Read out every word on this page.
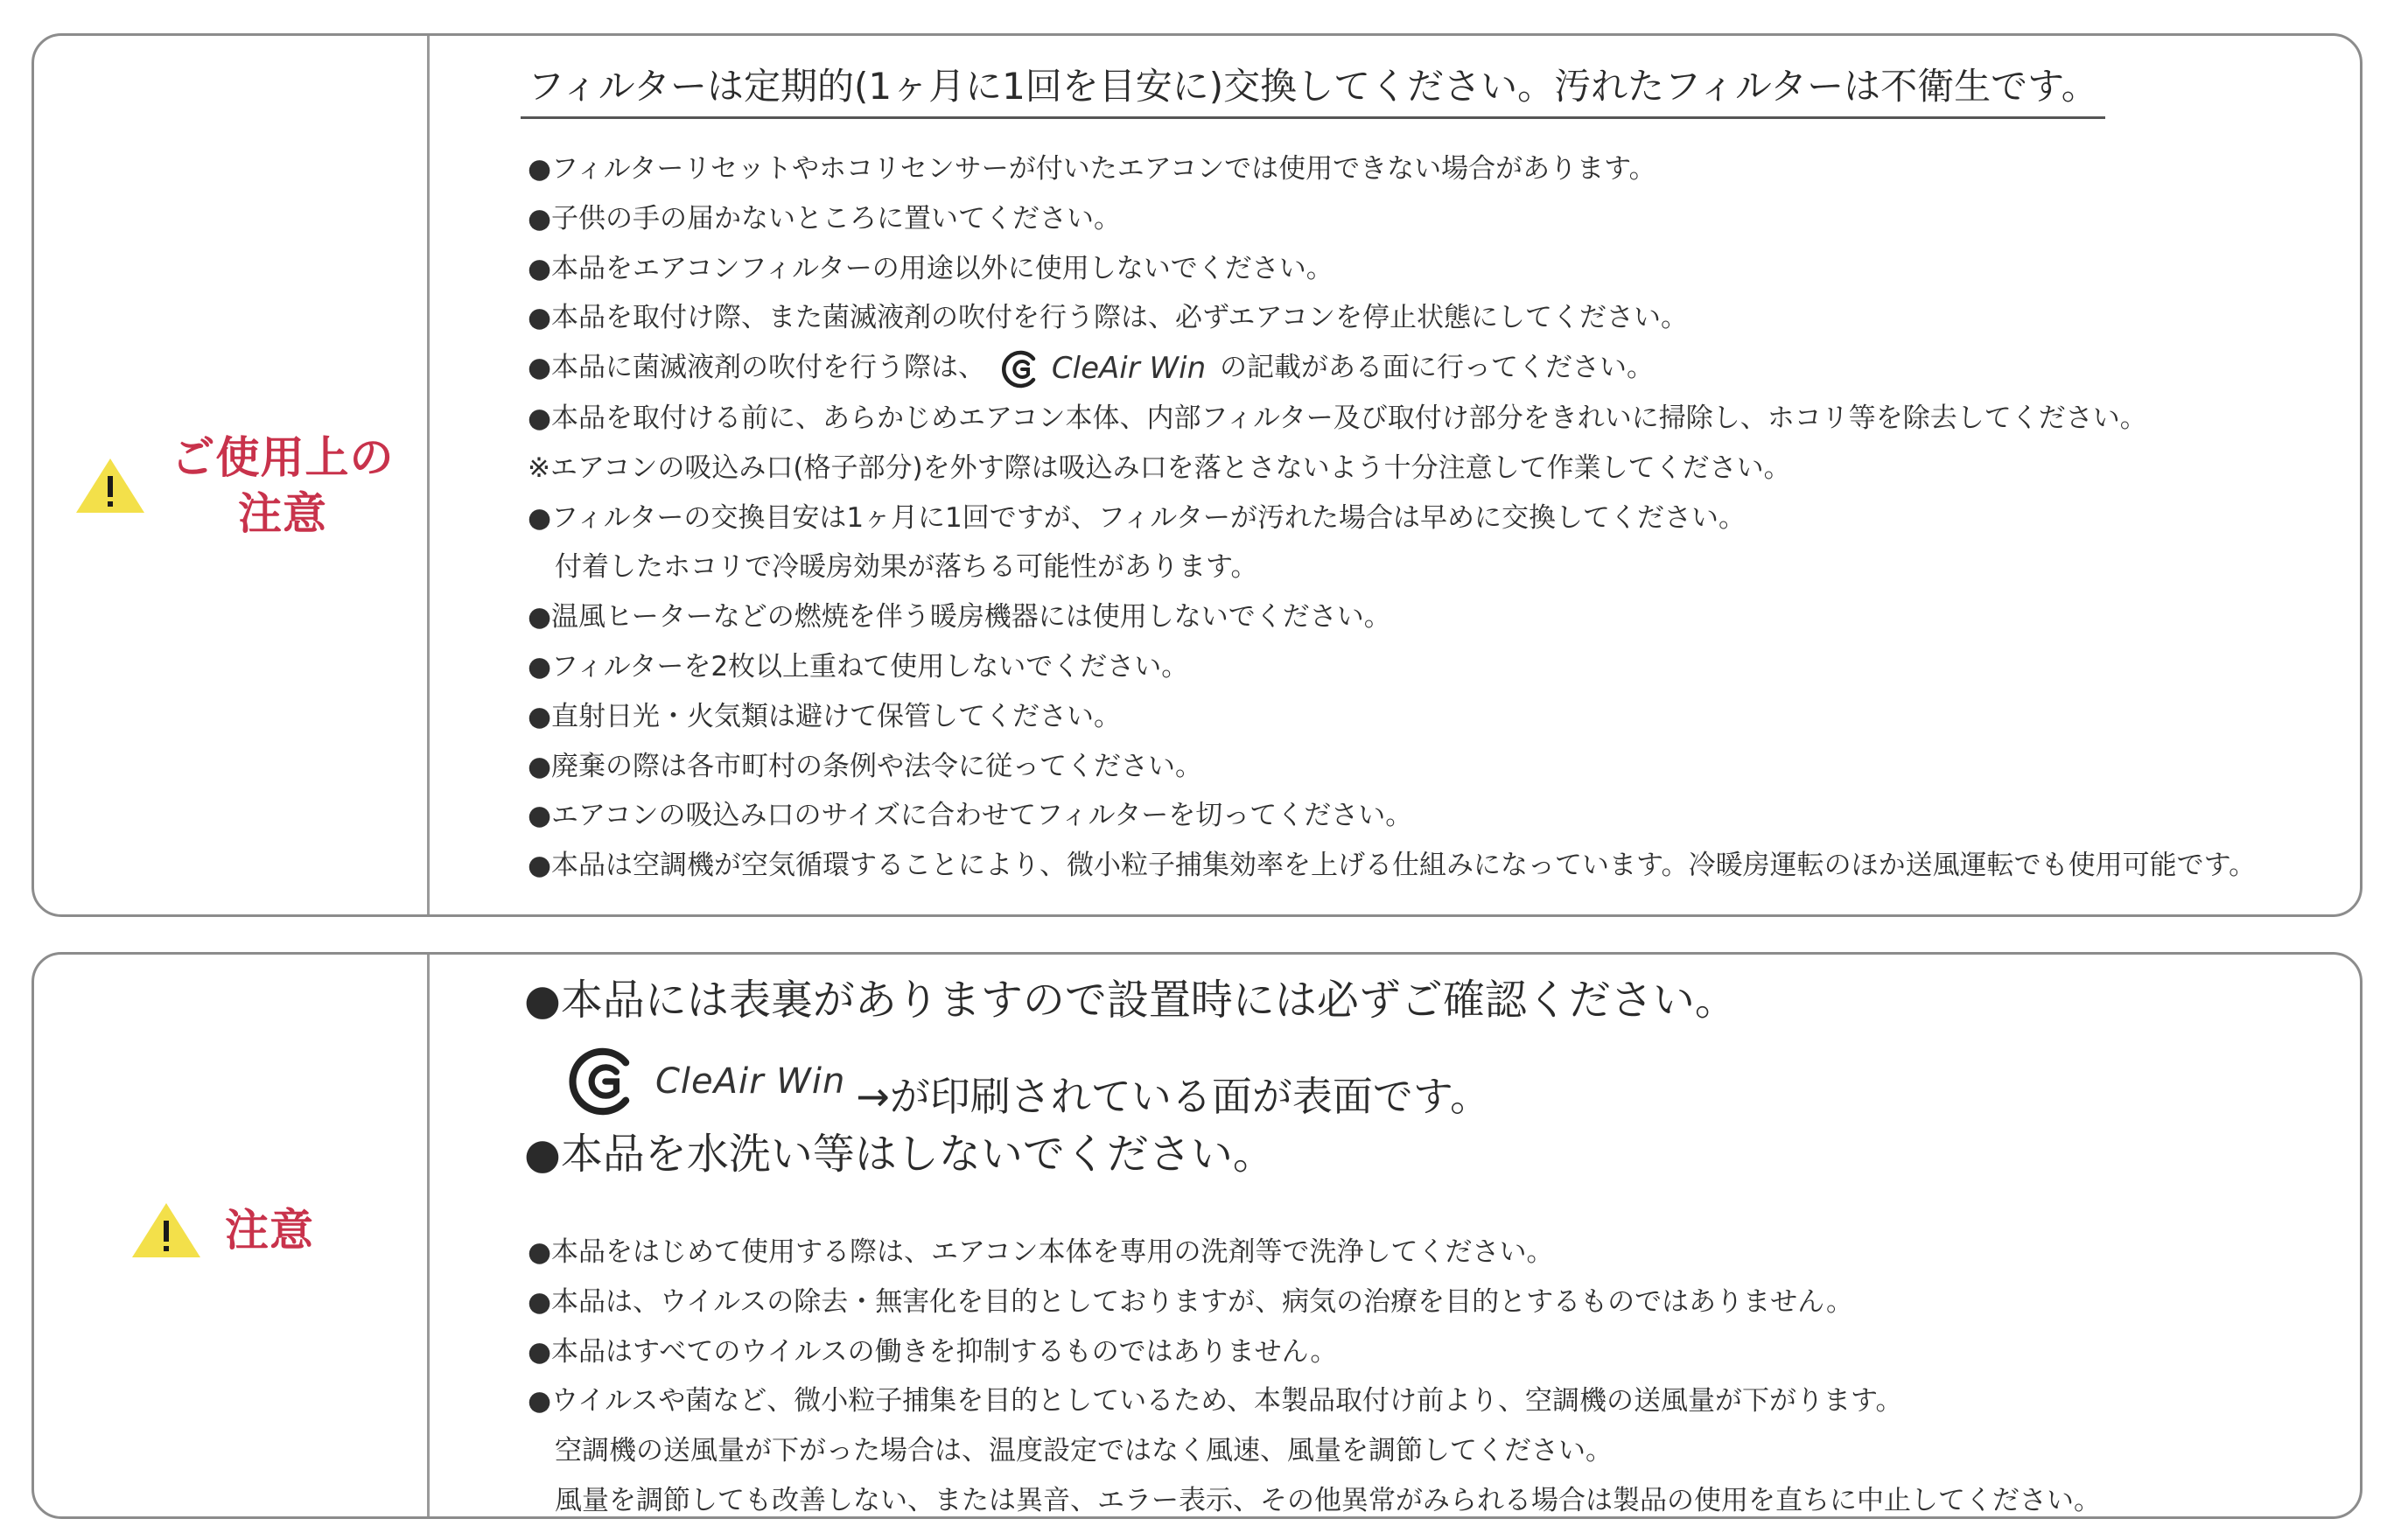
ご使用上の注意
フィルターは定期的(1ヶ月に1回を目安に)交換してください。汚れたフィルターは不衛生です。
●フィルターリセットやホコリセンサーが付いたエアコンでは使用できない場合があります。
●子供の手の届かないところに置いてください。
●本品をエアコンフィルターの用途以外に使用しないでください。
●本品を取付け際、また菌滅液剤の吹付を行う際は、必ずエアコンを停止状態にしてください。
●本品に菌滅液剤の吹付を行う際は、 CleAir Win の記載がある面に行ってください。
●本品を取付ける前に、あらかじめエアコン本体、内部フィルター及び取付け部分をきれいに掃除し、ホコリ等を除去してください。
※エアコンの吸込み口(格子部分)を外す際は吸込み口を落とさないよう十分注意して作業してください。
●フィルターの交換目安は1ヶ月に1回ですが、フィルターが汚れた場合は早めに交換してください。
　付着したホコリで冷暖房効果が落ちる可能性があります。
●温風ヒーターなどの燃焼を伴う暖房機器には使用しないでください。
●フィルターを2枚以上重ねて使用しないでください。
●直射日光・火気類は避けて保管してください。
●廃棄の際は各市町村の条例や法令に従ってください。
●エアコンの吸込み口のサイズに合わせてフィルターを切ってください。
●本品は空調機が空気循環することにより、微小粒子捕集効率を上げる仕組みになっています。冷暖房運転のほか送風運転でも使用可能です。
注意
●本品には表裏がありますので設置時には必ずご確認ください。
CleAir Win →が印刷されている面が表面です。
●本品を水洗い等はしないでください。
●本品をはじめて使用する際は、エアコン本体を専用の洗剤等で洗浄してください。
●本品は、ウイルスの除去・無害化を目的としておりますが、病気の治療を目的とするものではありません。
●本品はすべてのウイルスの働きを抑制するものではありません。
●ウイルスや菌など、微小粒子捕集を目的としているため、本製品取付け前より、空調機の送風量が下がります。
　空調機の送風量が下がった場合は、温度設定ではなく風速、風量を調節してください。
　風量を調節しても改善しない、または異音、エラー表示、その他異常がみられる場合は製品の使用を直ちに中止してください。
